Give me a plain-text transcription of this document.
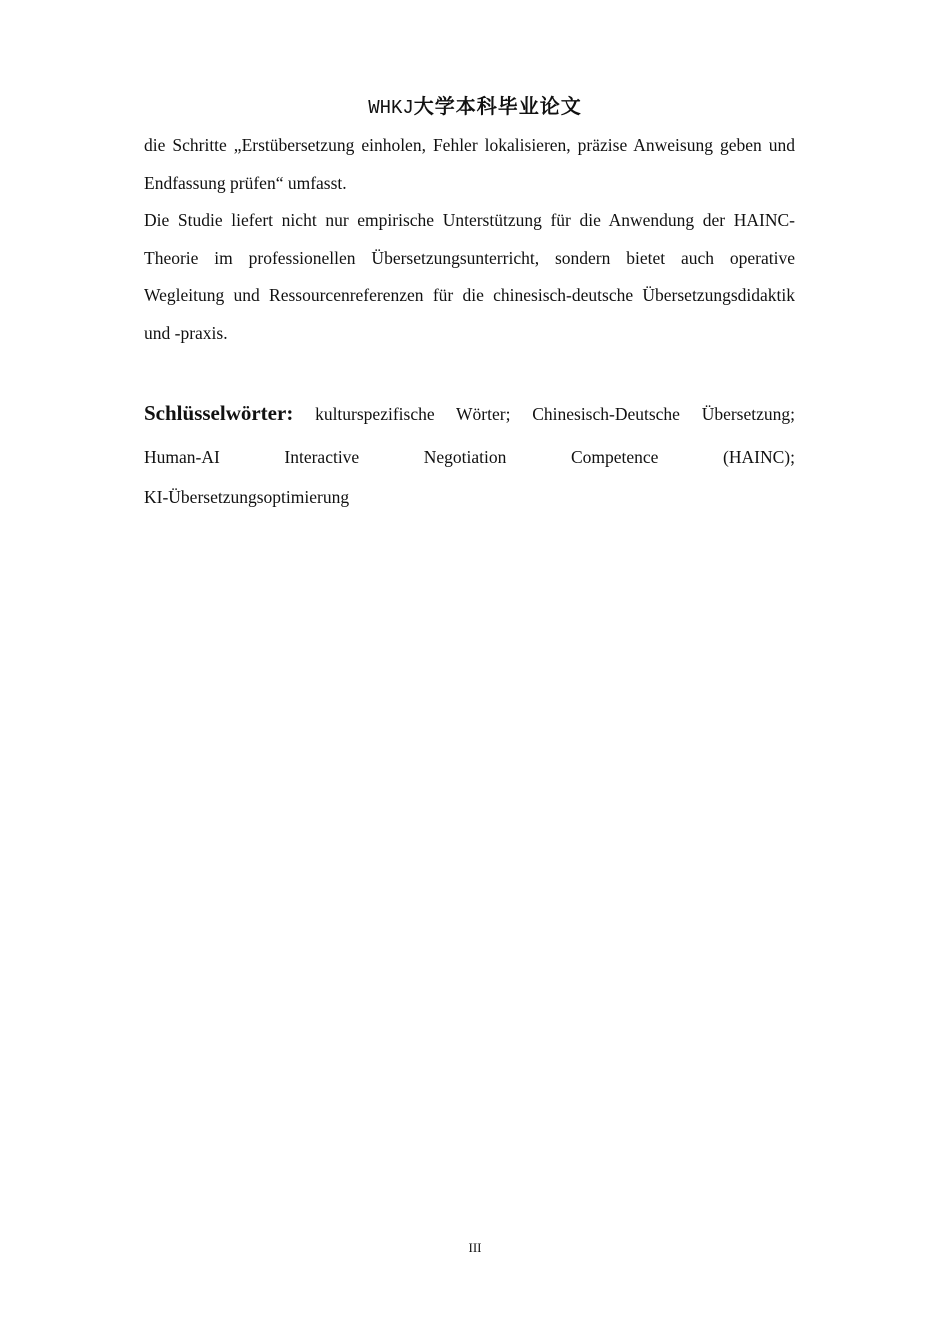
WHKJ大学本科毕业论文

die Schritte „Erstübersetzung einholen, Fehler lokalisieren, präzise Anweisung geben und Endfassung prüfen“ umfasst.

Die Studie liefert nicht nur empirische Unterstützung für die Anwendung der HAINC-Theorie im professionellen Übersetzungsunterricht, sondern bietet auch operative Wegleitung und Ressourcenreferenzen für die chinesisch-deutsche Übersetzungsdidaktik und -praxis.

Schlüsselwörter: kulturspezifische Wörter; Chinesisch-Deutsche Übersetzung;
Human-AI	Interactive	Negotiation	Competence	(HAINC);
KI-Übersetzungsoptimierung
III
